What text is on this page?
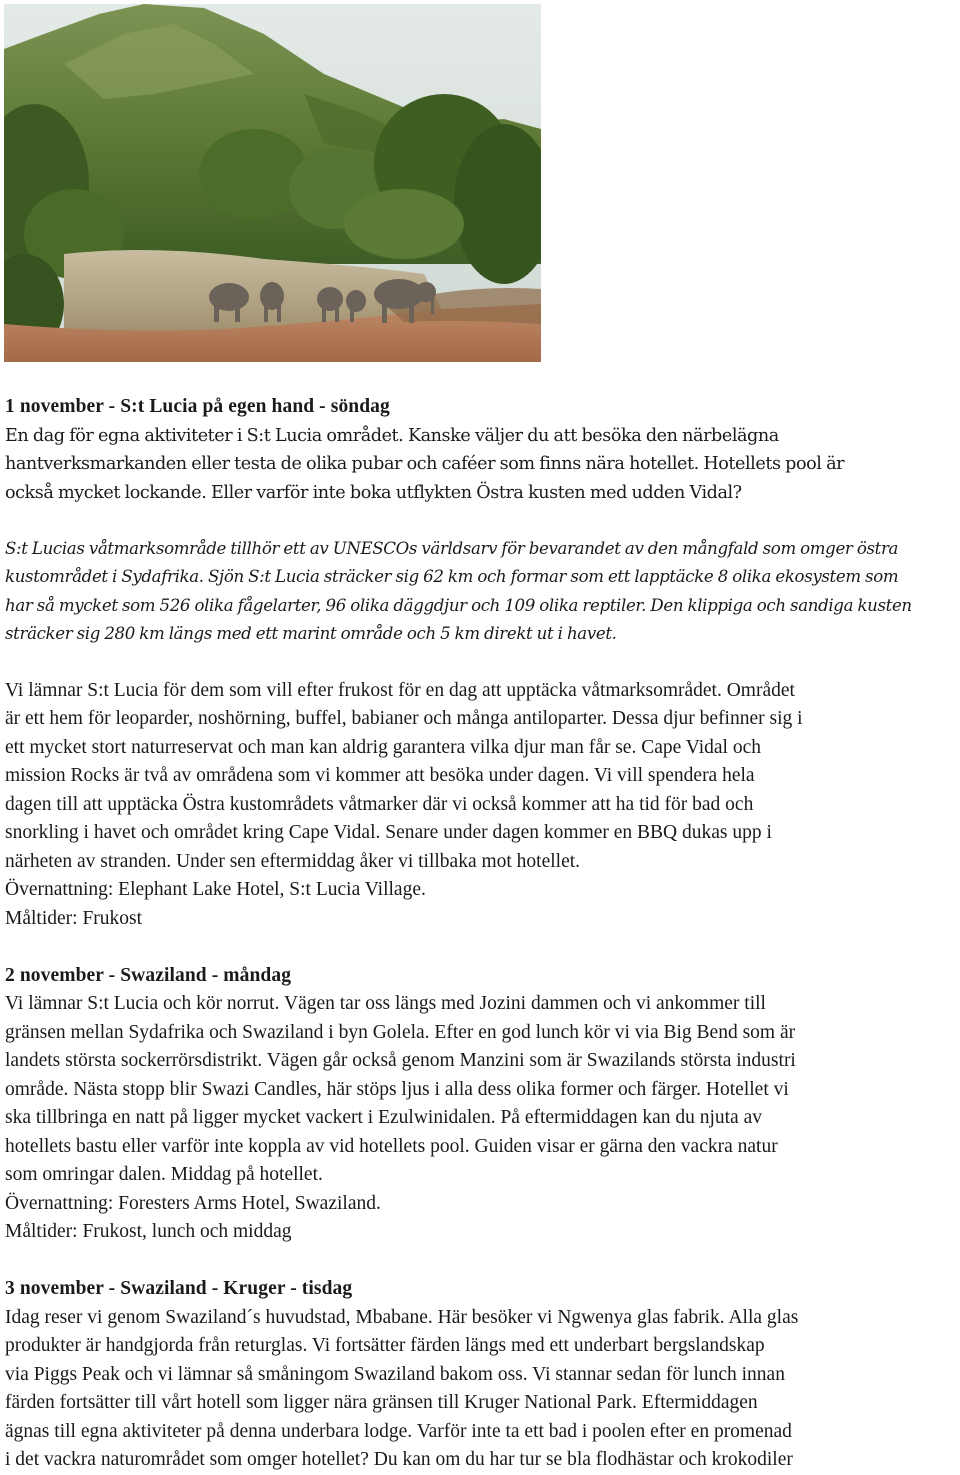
1 november - S:t Lucia på egen hand - söndag
En dag för egna aktiviteter i S:t Lucia området. Kanske väljer du att besöka den närbelägna
hantverksmarkanden eller testa de olika pubar och caféer som finns nära hotellet. Hotellets pool är
också mycket lockande. Eller varför inte boka utflykten Östra kusten med udden Vidal?
S:t Lucias våtmarksområde tillhör ett av UNESCOs världsarv för bevarandet av den mångfald som omger östra
kustområdet i Sydafrika. Sjön S:t Lucia sträcker sig 62 km och formar som ett lapptäcke 8 olika ekosystem som
har så mycket som 526 olika fågelarter, 96 olika däggdjur och 109 olika reptiler. Den klippiga och sandiga kusten
sträcker sig 280 km längs med ett marint område och 5 km direkt ut i havet.
Vi lämnar S:t Lucia för dem som vill efter frukost för en dag att upptäcka våtmarksområdet. Området
är ett hem för leoparder, noshörning, buffel, babianer och många antiloparter. Dessa djur befinner sig i
ett mycket stort naturreservat och man kan aldrig garantera vilka djur man får se. Cape Vidal och
mission Rocks är två av områdena som vi kommer att besöka under dagen. Vi vill spendera hela
dagen till att upptäcka Östra kustområdets våtmarker där vi också kommer att ha tid för bad och
snorkling i havet och området kring Cape Vidal. Senare under dagen kommer en BBQ dukas upp i
närheten av stranden. Under sen eftermiddag åker vi tillbaka mot hotellet.
Övernattning: Elephant Lake Hotel, S:t Lucia Village.
Måltider: Frukost
2 november - Swaziland - måndag
Vi lämnar S:t Lucia och kör norrut. Vägen tar oss längs med Jozini dammen och vi ankommer till
gränsen mellan Sydafrika och Swaziland i byn Golela. Efter en god lunch kör vi via Big Bend som är
landets största sockerrörsdistrikt. Vägen går också genom Manzini som är Swazilands största industri
område. Nästa stopp blir Swazi Candles, här stöps ljus i alla dess olika former och färger. Hotellet vi
ska tillbringa en natt på ligger mycket vackert i Ezulwinidalen. På eftermiddagen kan du njuta av
hotellets bastu eller varför inte koppla av vid hotellets pool. Guiden visar er gärna den vackra natur
som omringar dalen. Middag på hotellet.
Övernattning: Foresters Arms Hotel, Swaziland.
Måltider: Frukost, lunch och middag
3 november - Swaziland - Kruger - tisdag
Idag reser vi genom Swaziland´s huvudstad, Mbabane. Här besöker vi Ngwenya glas fabrik. Alla glas
produkter är handgjorda från returglas. Vi fortsätter färden längs med ett underbart bergslandskap
via Piggs Peak och vi lämnar så småningom Swaziland bakom oss. Vi stannar sedan för lunch innan
färden fortsätter till vårt hotell som ligger nära gränsen till Kruger National Park. Eftermiddagen
ägnas till egna aktiviteter på denna underbara lodge. Varför inte ta ett bad i poolen efter en promenad
i det vackra naturområdet som omger hotellet? Du kan om du har tur se bla flodhästar och krokodiler
